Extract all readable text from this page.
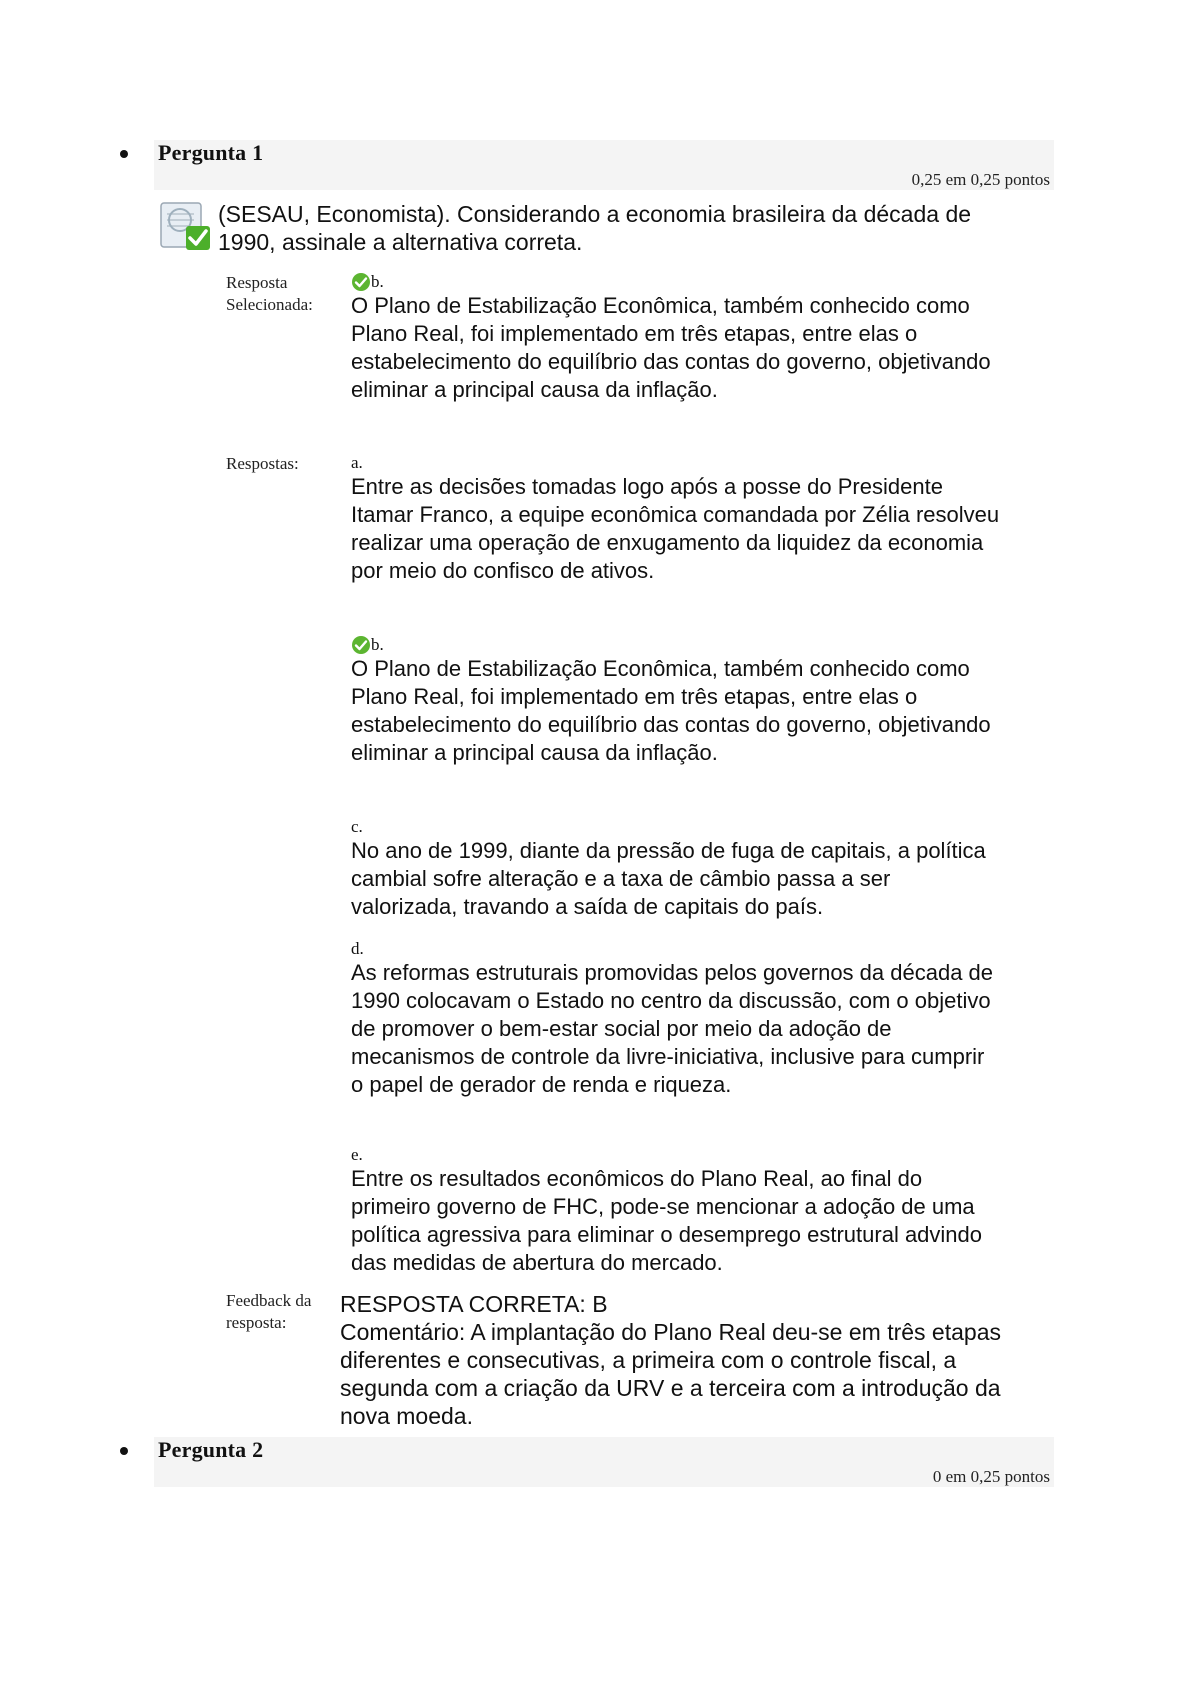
Pergunta 1
0,25 em 0,25 pontos
(SESAU, Economista). Considerando a economia brasileira da década de 1990, assinale a alternativa correta.
Resposta Selecionada:
b.
O Plano de Estabilização Econômica, também conhecido como Plano Real, foi implementado em três etapas, entre elas o estabelecimento do equilíbrio das contas do governo, objetivando eliminar a principal causa da inflação.
Respostas:	a.
Entre as decisões tomadas logo após a posse do Presidente Itamar Franco, a equipe econômica comandada por Zélia resolveu realizar uma operação de enxugamento da liquidez da economia por meio do confisco de ativos.
b.
O Plano de Estabilização Econômica, também conhecido como Plano Real, foi implementado em três etapas, entre elas o estabelecimento do equilíbrio das contas do governo, objetivando eliminar a principal causa da inflação.
c.
No ano de 1999, diante da pressão de fuga de capitais, a política cambial sofre alteração e a taxa de câmbio passa a ser valorizada, travando a saída de capitais do país.
d.
As reformas estruturais promovidas pelos governos da década de 1990 colocavam o Estado no centro da discussão, com o objetivo de promover o bem-estar social por meio da adoção de mecanismos de controle da livre-iniciativa, inclusive para cumprir o papel de gerador de renda e riqueza.
e.
Entre os resultados econômicos do Plano Real, ao final do primeiro governo de FHC, pode-se mencionar a adoção de uma política agressiva para eliminar o desemprego estrutural advindo das medidas de abertura do mercado.
Feedback da resposta:
RESPOSTA CORRETA: B
Comentário: A implantação do Plano Real deu-se em três etapas diferentes e consecutivas, a primeira com o controle fiscal, a segunda com a criação da URV e a terceira com a introdução da nova moeda.
Pergunta 2
0 em 0,25 pontos
